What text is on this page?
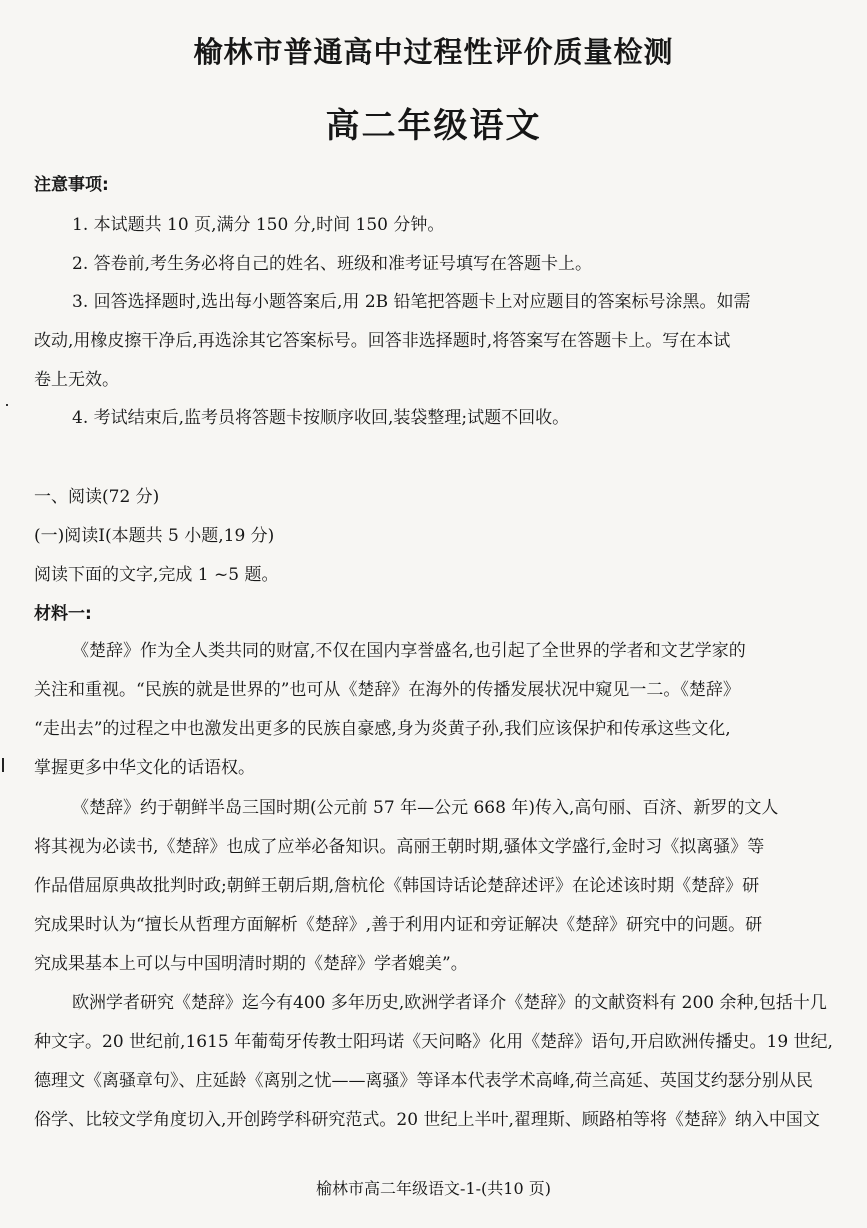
榆林市普通高中过程性评价质量检测
高二年级语文
注意事项:
1. 本试题共 10 页,满分 150 分,时间 150 分钟。
2. 答卷前,考生务必将自己的姓名、班级和准考证号填写在答题卡上。
3. 回答选择题时,选出每小题答案后,用 2B 铅笔把答题卡上对应题目的答案标号涂黑。如需
改动,用橡皮擦干净后,再选涂其它答案标号。回答非选择题时,将答案写在答题卡上。写在本试
卷上无效。
4. 考试结束后,监考员将答题卡按顺序收回,装袋整理;试题不回收。
一、阅读(72 分)
(一)阅读Ⅰ(本题共 5 小题,19 分)
阅读下面的文字,完成 1 ~5 题。
材料一:
《楚辞》作为全人类共同的财富,不仅在国内享誉盛名,也引起了全世界的学者和文艺学家的
关注和重视。“民族的就是世界的”也可从《楚辞》在海外的传播发展状况中窥见一二。《楚辞》
“走出去”的过程之中也激发出更多的民族自豪感,身为炎黄子孙,我们应该保护和传承这些文化,
掌握更多中华文化的话语权。
《楚辞》约于朝鲜半岛三国时期(公元前 57 年—公元 668 年)传入,高句丽、百济、新罗的文人
将其视为必读书,《楚辞》也成了应举必备知识。高丽王朝时期,骚体文学盛行,金时习《拟离骚》等
作品借屈原典故批判时政;朝鲜王朝后期,詹杭伦《韩国诗话论楚辞述评》在论述该时期《楚辞》研
究成果时认为“擅长从哲理方面解析《楚辞》,善于利用内证和旁证解决《楚辞》研究中的问题。研
究成果基本上可以与中国明清时期的《楚辞》学者媲美”。
欧洲学者研究《楚辞》迄今有400 多年历史,欧洲学者译介《楚辞》的文献资料有 200 余种,包括十几
种文字。20 世纪前,1615 年葡萄牙传教士阳玛诺《天问略》化用《楚辞》语句,开启欧洲传播史。19 世纪,
德理文《离骚章句》、庄延龄《离别之忧——离骚》等译本代表学术高峰,荷兰高延、英国艾约瑟分别从民
俗学、比较文学角度切入,开创跨学科研究范式。20 世纪上半叶,翟理斯、顾路柏等将《楚辞》纳入中国文
榆林市高二年级语文-1-(共10 页)
